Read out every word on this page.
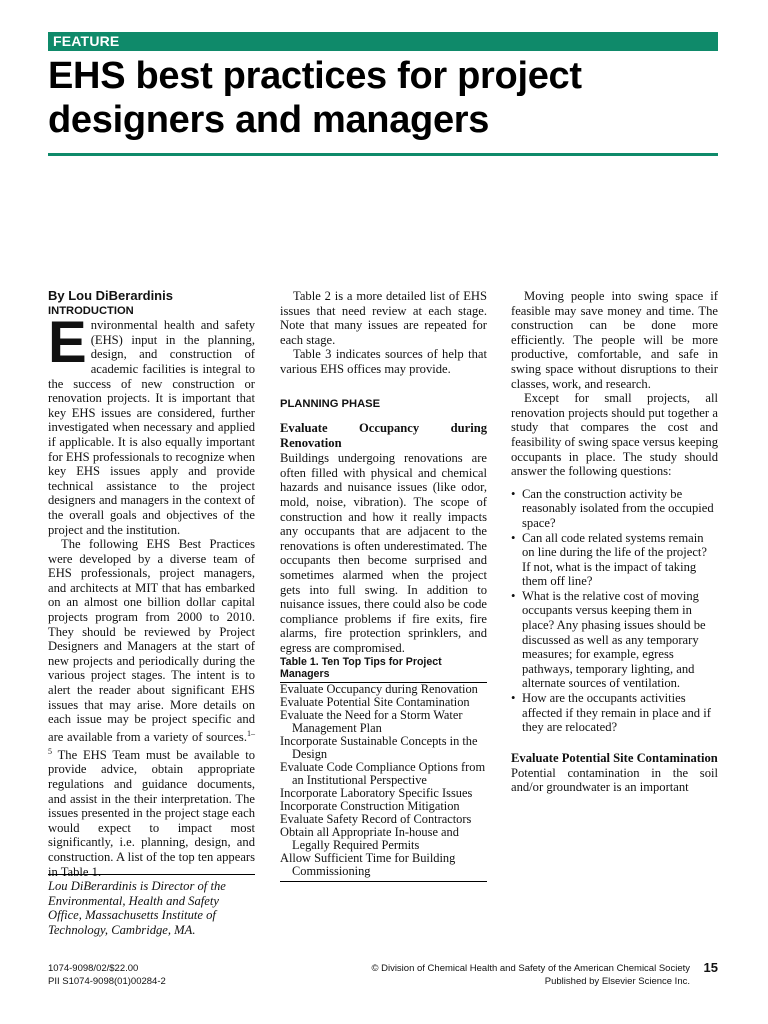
FEATURE
EHS best practices for project designers and managers

By Lou DiBerardinis

INTRODUCTION

Environmental health and safety (EHS) input in the planning, design, and construction of academic facilities is integral to the success of new construction or renovation projects. It is important that key EHS issues are considered, further investigated when necessary and applied if applicable. It is also equally important for EHS professionals to recognize when key EHS issues apply and provide technical assistance to the project designers and managers in the context of the overall goals and objectives of the project and the institution.

The following EHS Best Practices were developed by a diverse team of EHS professionals, project managers, and architects at MIT that has embarked on an almost one billion dollar capital projects program from 2000 to 2010. They should be reviewed by Project Designers and Managers at the start of new projects and periodically during the various project stages. The intent is to alert the reader about significant EHS issues that may arise. More details on each issue may be project specific and are available from a variety of sources.$^{1-5}$ The EHS Team must be available to provide advice, obtain appropriate regulations and guidance documents, and assist in the their interpretation. The issues presented in the project stage each would expect to impact most significantly, i.e. planning, design, and construction. A list of the top ten appears in Table 1.

Lou DiBerardinis is Director of the Environmental, Health and Safety Office, Massachusetts Institute of Technology, Cambridge, MA.

Table 2 is a more detailed list of EHS issues that need review at each stage. Note that many issues are repeated for each stage.

Table 3 indicates sources of help that various EHS offices may provide.

PLANNING PHASE

Evaluate Occupancy during Renovation

Buildings undergoing renovations are often filled with physical and chemical hazards and nuisance issues (like odor, mold, noise, vibration). The scope of construction and how it really impacts any occupants that are adjacent to the renovations is often underestimated. The occupants then become surprised and sometimes alarmed when the project gets into full swing. In addition to nuisance issues, there could also be code compliance problems if fire exits, fire alarms, fire protection sprinklers, and egress are compromised.

Table 1. Ten Top Tips for Project Managers

Evaluate Occupancy during Renovation
Evaluate Potential Site Contamination
Evaluate the Need for a Storm Water Management Plan
Incorporate Sustainable Concepts in the Design
Evaluate Code Compliance Options from an Institutional Perspective
Incorporate Laboratory Specific Issues
Incorporate Construction Mitigation
Evaluate Safety Record of Contractors
Obtain all Appropriate In-house and Legally Required Permits
Allow Sufficient Time for Building Commissioning

Moving people into swing space if feasible may save money and time. The construction can be done more efficiently. The people will be more productive, comfortable, and safe in swing space without disruptions to their classes, work, and research.

Except for small projects, all renovation projects should put together a study that compares the cost and feasibility of swing space versus keeping occupants in place. The study should answer the following questions:

• Can the construction activity be reasonably isolated from the occupied space?
• Can all code related systems remain on line during the life of the project? If not, what is the impact of taking them off line?
• What is the relative cost of moving occupants versus keeping them in place? Any phasing issues should be discussed as well as any temporary measures; for example, egress pathways, temporary lighting, and alternate sources of ventilation.
• How are the occupants activities affected if they remain in place and if they are relocated?

Evaluate Potential Site Contamination

Potential contamination in the soil and/or groundwater is an important

1074-9098/02/$22.00
PII S1074-9098(01)00284-2
© Division of Chemical Health and Safety of the American Chemical Society
Published by Elsevier Science Inc.
15
